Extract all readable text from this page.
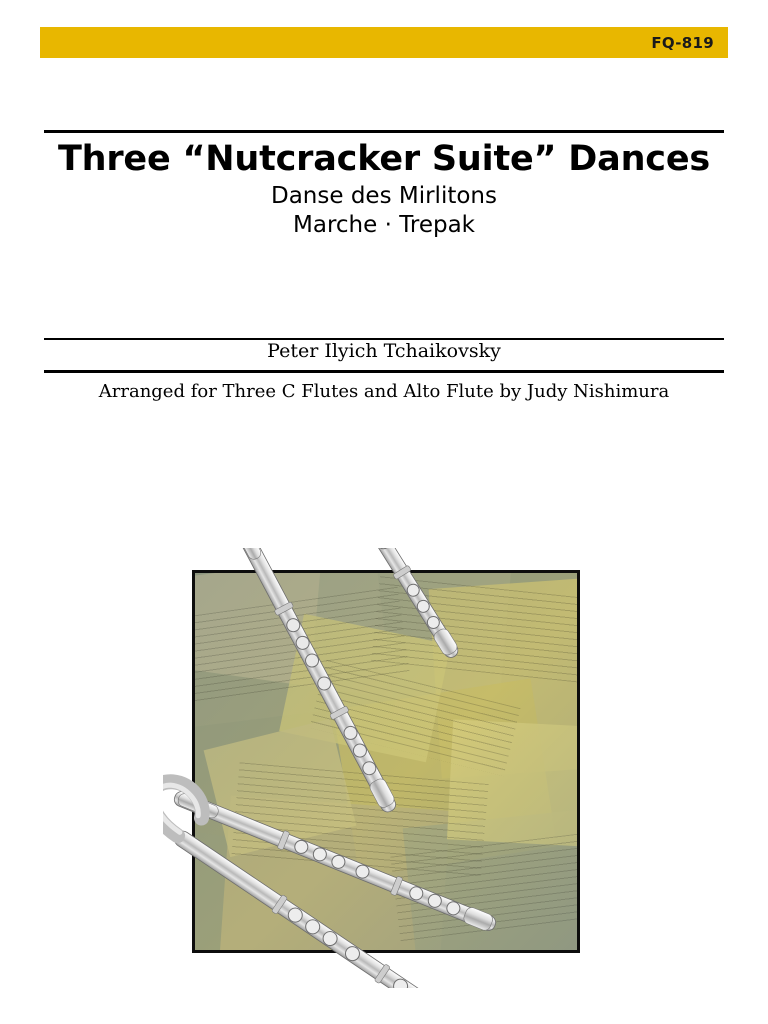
FQ-819
Three “Nutcracker Suite” Dances
Danse des Mirlitons
Marche · Trepak
Peter Ilyich Tchaikovsky
Arranged for Three C Flutes and Alto Flute by Judy Nishimura
